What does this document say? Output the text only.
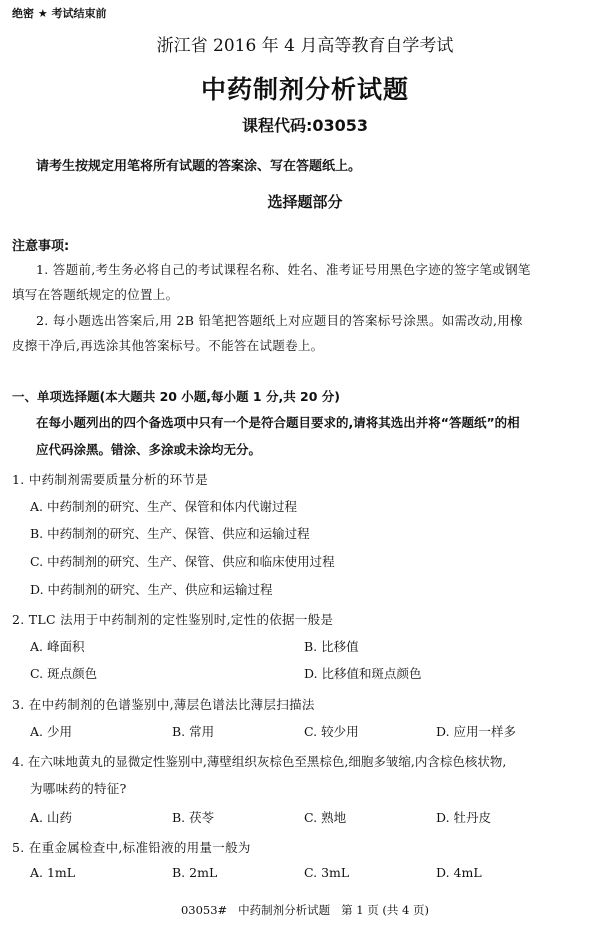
绝密 ★ 考试结束前
浙江省 2016 年 4 月高等教育自学考试
中药制剂分析试题
课程代码:03053
请考生按规定用笔将所有试题的答案涂、写在答题纸上。
选择题部分
注意事项:
1. 答题前,考生务必将自己的考试课程名称、姓名、准考证号用黑色字迹的签字笔或钢笔
填写在答题纸规定的位置上。
2. 每小题选出答案后,用 2B 铅笔把答题纸上对应题目的答案标号涂黑。如需改动,用橡
皮擦干净后,再选涂其他答案标号。不能答在试题卷上。
一、单项选择题(本大题共 20 小题,每小题 1 分,共 20 分)
在每小题列出的四个备选项中只有一个是符合题目要求的,请将其选出并将“答题纸”的相
应代码涂黑。错涂、多涂或未涂均无分。
1. 中药制剂需要质量分析的环节是
A. 中药制剂的研究、生产、保管和体内代谢过程
B. 中药制剂的研究、生产、保管、供应和运输过程
C. 中药制剂的研究、生产、保管、供应和临床使用过程
D. 中药制剂的研究、生产、供应和运输过程
2. TLC 法用于中药制剂的定性鉴别时,定性的依据一般是
A. 峰面积	B. 比移值
C. 斑点颜色	D. 比移值和斑点颜色
3. 在中药制剂的色谱鉴别中,薄层色谱法比薄层扫描法
A. 少用	B. 常用	C. 较少用	D. 应用一样多
4. 在六味地黄丸的显微定性鉴别中,薄壁组织灰棕色至黑棕色,细胞多皱缩,内含棕色核状物,
为哪味药的特征?
A. 山药	B. 茯苓	C. 熟地	D. 牡丹皮
5. 在重金属检查中,标准铅液的用量一般为
A. 1mL	B. 2mL	C. 3mL	D. 4mL
03053#   中药制剂分析试题   第 1 页 (共 4 页)
